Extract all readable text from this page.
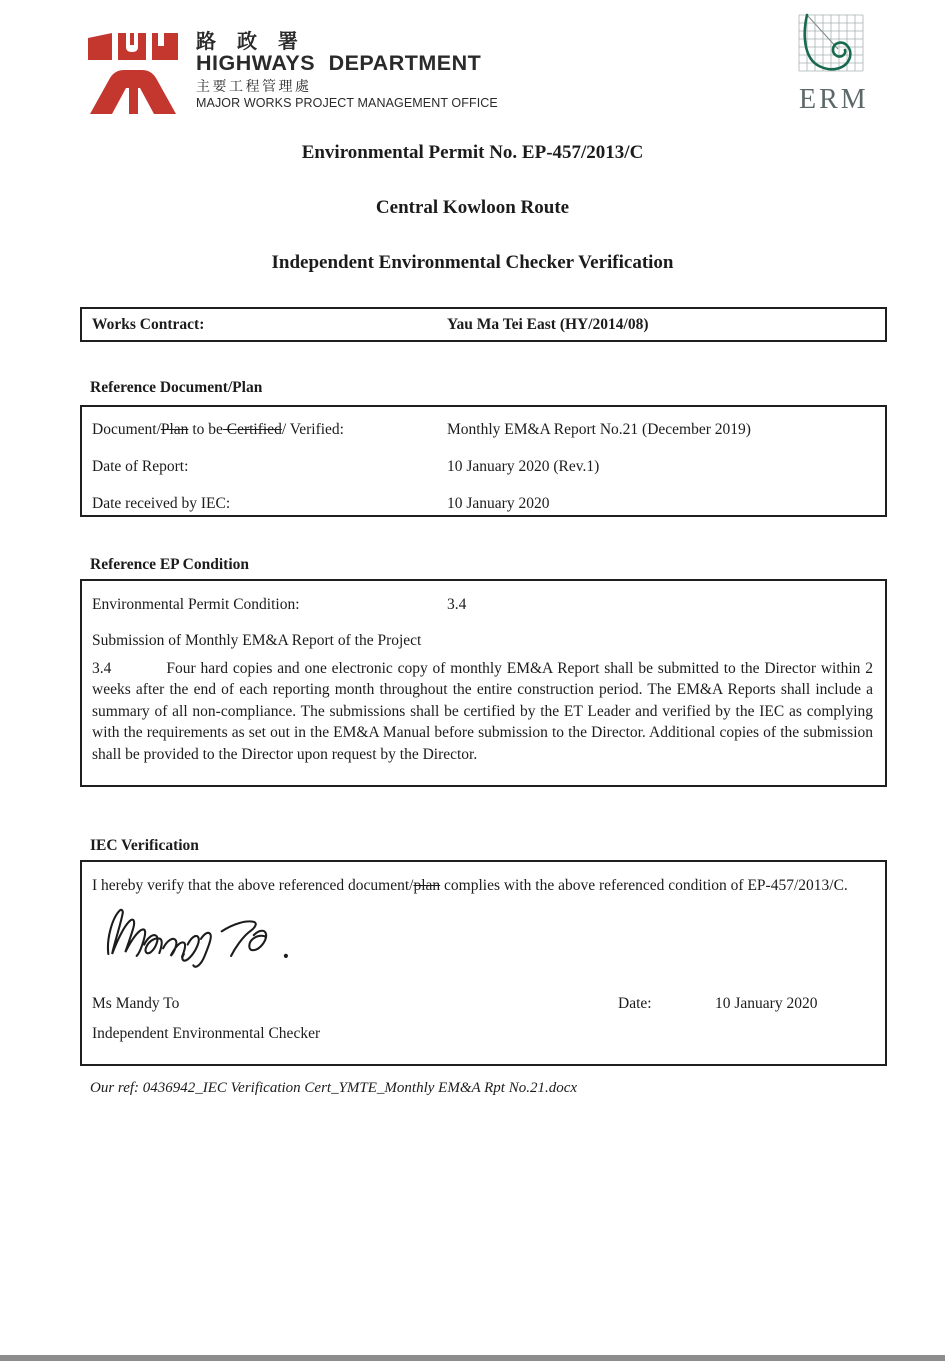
路 政 署
HIGHWAYS DEPARTMENT
主要工程管理處
MAJOR WORKS PROJECT MANAGEMENT OFFICE	ERM
Environmental Permit No. EP-457/2013/C
Central Kowloon Route
Independent Environmental Checker Verification
Works Contract:	Yau Ma Tei East (HY/2014/08)
Reference Document/Plan
Document/Plan to be Certified/ Verified:	Monthly EM&A Report No.21 (December 2019)
Date of Report:	10 January 2020 (Rev.1)
Date received by IEC:	10 January 2020
Reference EP Condition
Environmental Permit Condition:	3.4
Submission of Monthly EM&A Report of the Project
3.4	Four hard copies and one electronic copy of monthly EM&A Report shall be submitted to the Director within 2 weeks after the end of each reporting month throughout the entire construction period. The EM&A Reports shall include a summary of all non-compliance. The submissions shall be certified by the ET Leader and verified by the IEC as complying with the requirements as set out in the EM&A Manual before submission to the Director. Additional copies of the submission shall be provided to the Director upon request by the Director.
IEC Verification
I hereby verify that the above referenced document/plan complies with the above referenced condition of EP-457/2013/C.
Ms Mandy To	Date:	10 January 2020
Independent Environmental Checker
Our ref: 0436942_IEC Verification Cert_YMTE_Monthly EM&A Rpt No.21.docx
